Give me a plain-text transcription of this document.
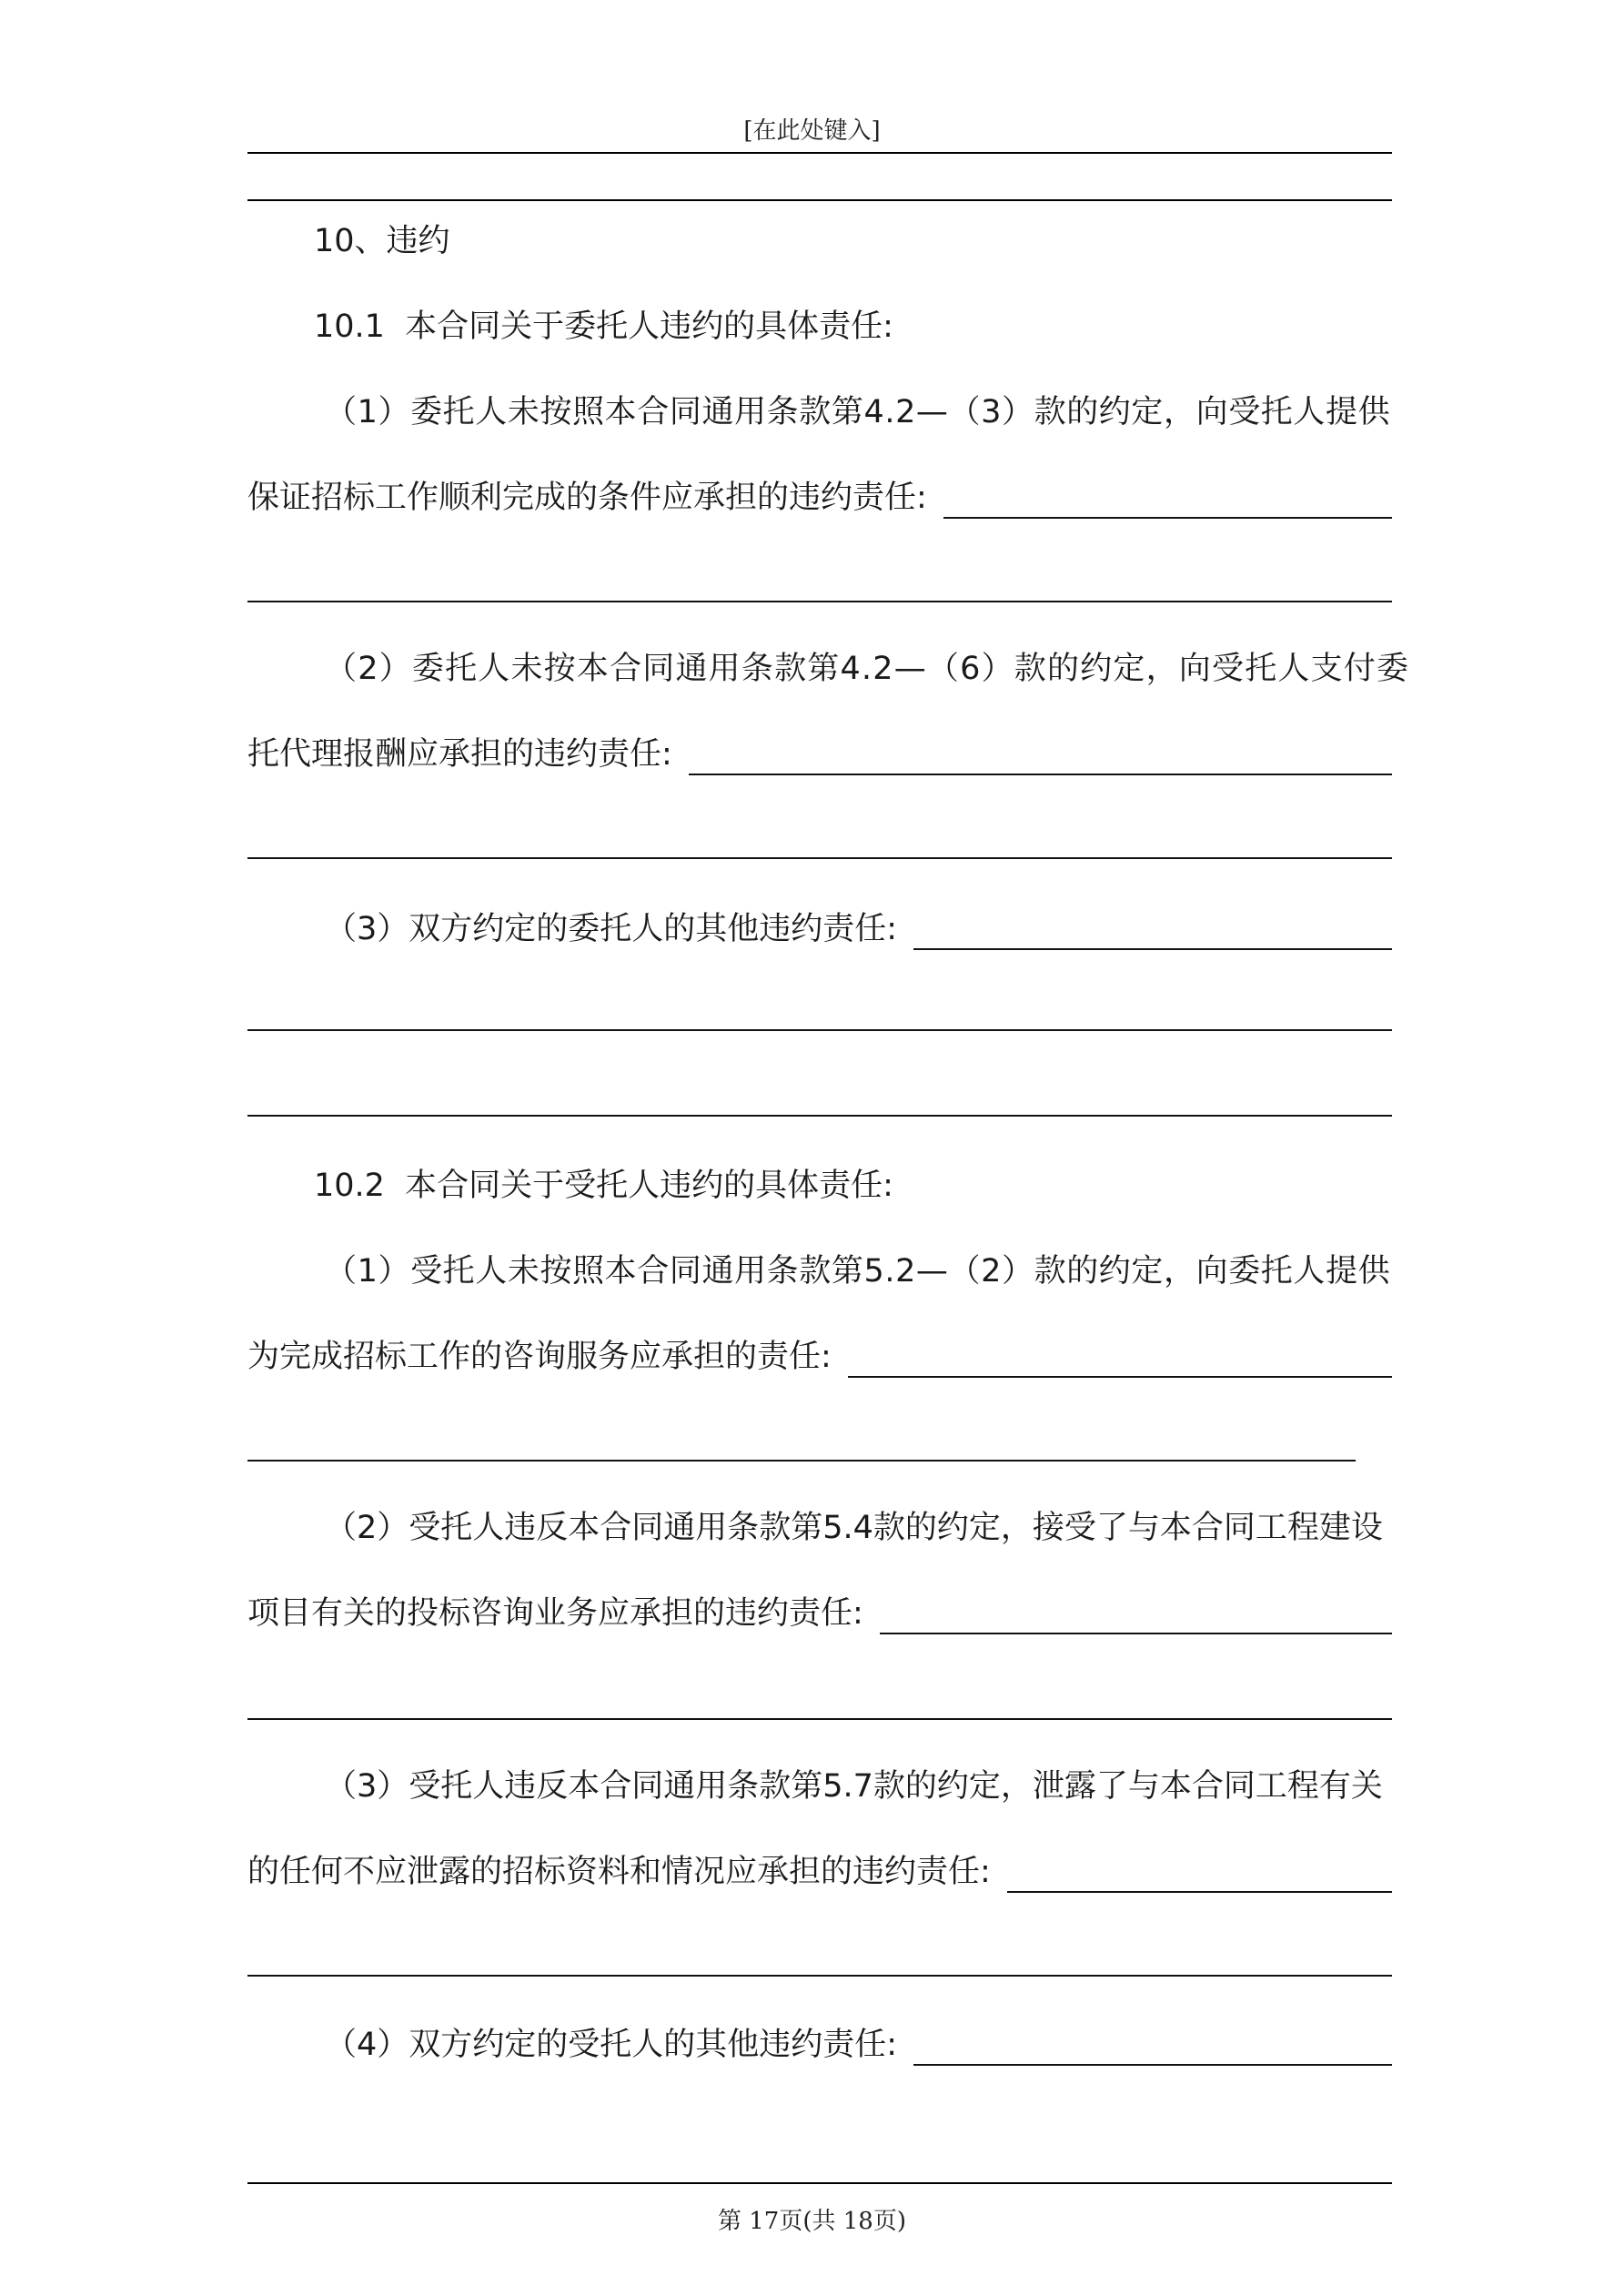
[在此处键入]
10、违约
10.1  本合同关于委托人违约的具体责任:
（1）委托人未按照本合同通用条款第4.2—（3）款的约定，向受托人提供
保证招标工作顺利完成的条件应承担的违约责任:
（2）委托人未按本合同通用条款第4.2—（6）款的约定，向受托人支付委
托代理报酬应承担的违约责任:
（3）双方约定的委托人的其他违约责任:
10.2  本合同关于受托人违约的具体责任:
（1）受托人未按照本合同通用条款第5.2—（2）款的约定，向委托人提供
为完成招标工作的咨询服务应承担的责任:
（2）受托人违反本合同通用条款第5.4款的约定，接受了与本合同工程建设
项目有关的投标咨询业务应承担的违约责任:
（3）受托人违反本合同通用条款第5.7款的约定，泄露了与本合同工程有关
的任何不应泄露的招标资料和情况应承担的违约责任:
（4）双方约定的受托人的其他违约责任:
第 17页(共 18页)
